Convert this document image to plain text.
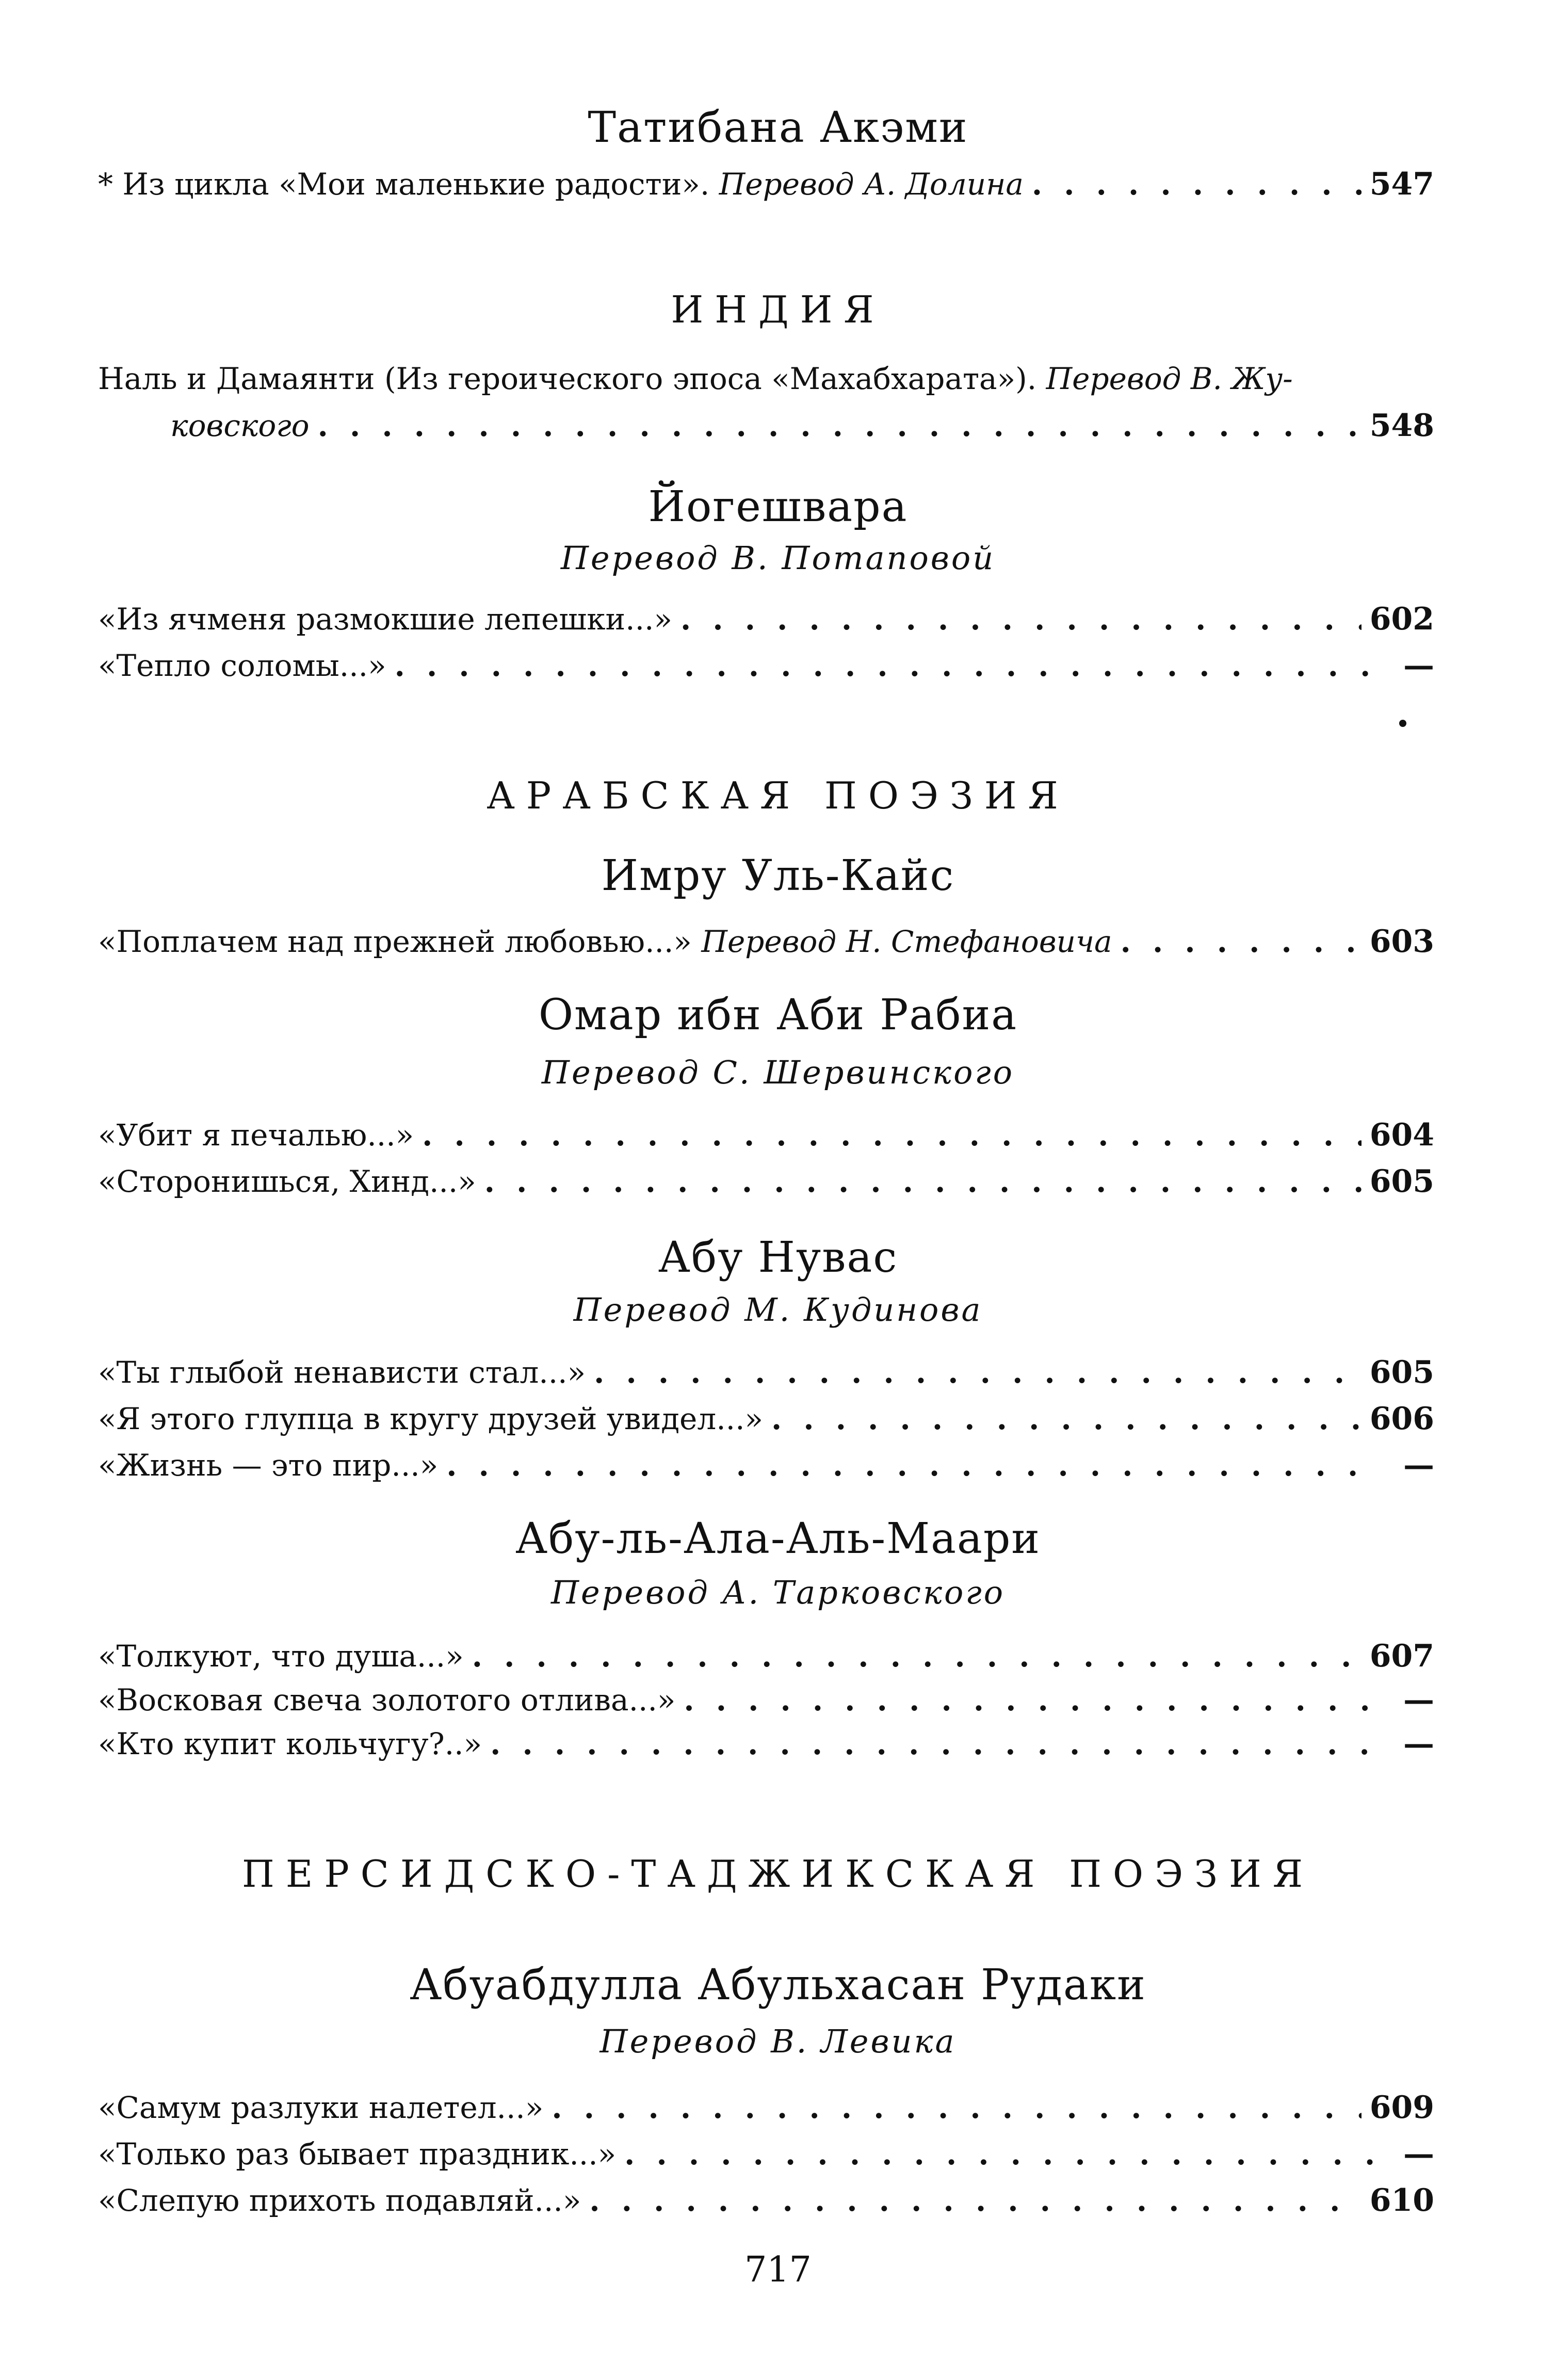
Татибана Акэми
* Из цикла «Мои маленькие радости». Перевод А. Долина . . .	547
ИНДИЯ
Наль и Дамаянти (Из героического эпоса «Махабхарата»). Перевод В. Жу-
ковского . . .	548
Йогешвара
Перевод В. Потаповой
«Из ячменя размокшие лепешки...» . . .	602
«Тепло соломы...» . . .	—
АРАБСКАЯ ПОЭЗИЯ
Имру Уль-Кайс
«Поплачем над прежней любовью...» Перевод Н. Стефановича . . .	603
Омар ибн Аби Рабиа
Перевод С. Шервинского
«Убит я печалью...» . . .	604
«Сторонишься, Хинд...» . . .	605
Абу Нувас
Перевод М. Кудинова
«Ты глыбой ненависти стал...» . . .	605
«Я этого глупца в кругу друзей увидел...» . . .	606
«Жизнь — это пир...» . . .	—
Абу-ль-Ала-Аль-Маари
Перевод А. Тарковского
«Толкуют, что душа...» . . .	607
«Восковая свеча золотого отлива...» . . .	—
«Кто купит кольчугу?..» . . .	—
ПЕРСИДСКО-ТАДЖИКСКАЯ ПОЭЗИЯ
Абуабдулла Абульхасан Рудаки
Перевод В. Левика
«Самум разлуки налетел...» . . .	609
«Только раз бывает праздник...» . . .	—
«Слепую прихоть подавляй...» . . .	610
717
